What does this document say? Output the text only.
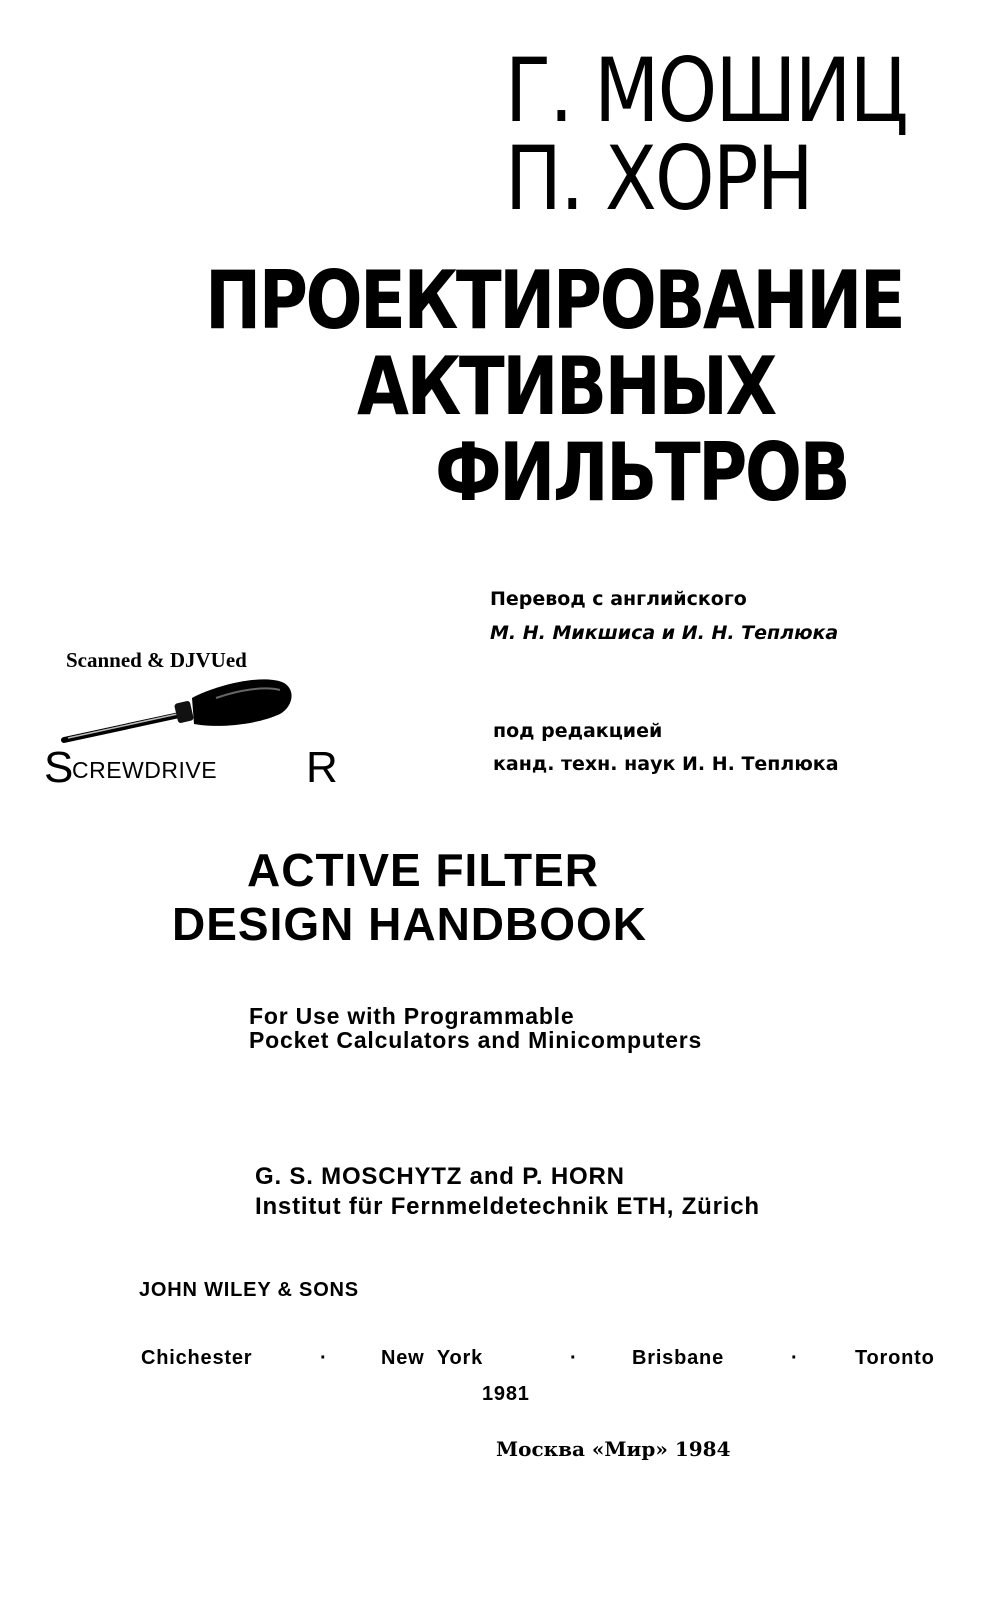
Г. МОШИЦ
П. ХОРН
ПРОЕКТИРОВАНИЕ
АКТИВНЫХ
ФИЛЬТРОВ
Перевод с английского
М. Н. Микшиса и И. Н. Теплюка
Scanned & DJVUed
S	R
CREWDRIVE
под редакцией
канд. техн. наук И. Н. Теплюка
ACTIVE FILTER
DESIGN HANDBOOK
For Use with Programmable
Pocket Calculators and Minicomputers
G. S. MOSCHYTZ and P. HORN
Institut für Fernmeldetechnik ETH, Zürich
JOHN WILEY & SONS
Chichester	·	New  York	·	Brisbane	·	Toronto
1981
Москва «Мир» 1984
